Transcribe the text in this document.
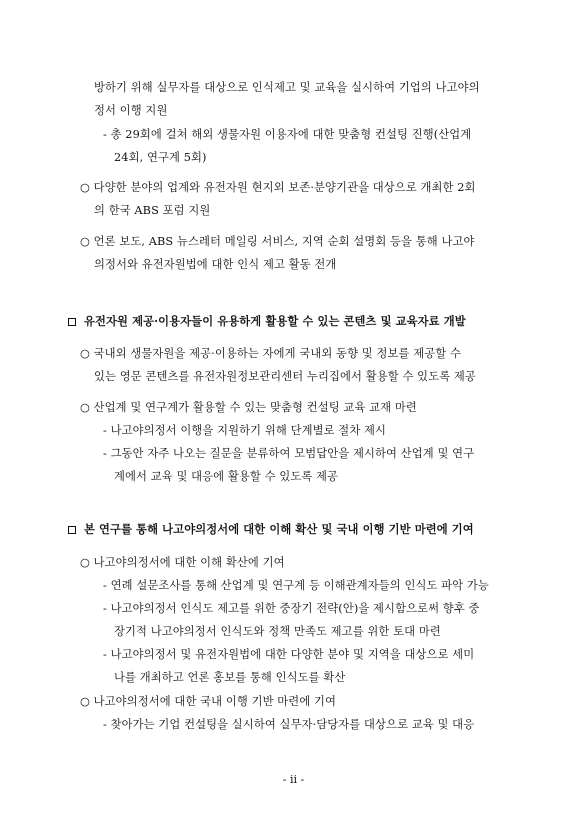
방하기 위해 실무자를 대상으로 인식제고 및 교육을 실시하여 기업의 나고야의
정서 이행 지원
- 총 29회에 걸쳐 해외 생물자원 이용자에 대한 맞춤형 컨설팅 진행(산업계
24회, 연구계 5회)
○ 다양한 분야의 업계와 유전자원 현지외 보존·분양기관을 대상으로 개최한 2회
의 한국 ABS 포럼 지원
○ 언론 보도, ABS 뉴스레터 메일링 서비스, 지역 순회 설명회 등을 통해 나고야
의정서와 유전자원법에 대한 인식 제고 활동 전개
유전자원 제공·이용자들이 유용하게 활용할 수 있는 콘텐츠 및 교육자료 개발
○ 국내외 생물자원을 제공·이용하는 자에게 국내외 동향 및 정보를 제공할 수
있는 영문 콘텐츠를 유전자원정보관리센터 누리집에서 활용할 수 있도록 제공
○ 산업계 및 연구계가 활용할 수 있는 맞춤형 컨설팅 교육 교재 마련
- 나고야의정서 이행을 지원하기 위해 단계별로 절차 제시
- 그동안 자주 나오는 질문을 분류하여 모범답안을 제시하여 산업계 및 연구
계에서 교육 및 대응에 활용할 수 있도록 제공
본 연구를 통해 나고야의정서에 대한 이해 확산 및 국내 이행 기반 마련에 기여
○ 나고야의정서에 대한 이해 확산에 기여
- 연례 설문조사를 통해 산업계 및 연구계 등 이해관계자들의 인식도 파악 가능
- 나고야의정서 인식도 제고를 위한 중장기 전략(안)을 제시함으로써 향후 중
장기적 나고야의정서 인식도와 정책 만족도 제고를 위한 토대 마련
- 나고야의정서 및 유전자원법에 대한 다양한 분야 및 지역을 대상으로 세미
나를 개최하고 언론 홍보를 통해 인식도를 확산
○ 나고야의정서에 대한 국내 이행 기반 마련에 기여
- 찾아가는 기업 컨설팅을 실시하여 실무자·담당자를 대상으로 교육 및 대응
- ii -
